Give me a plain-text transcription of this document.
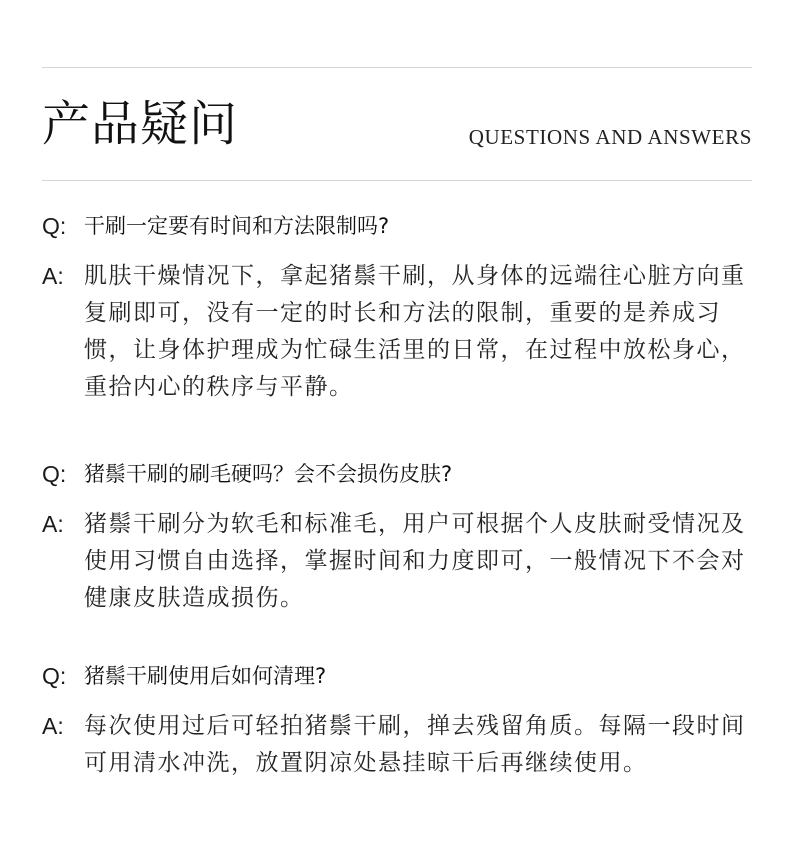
产品疑问	QUESTIONS AND ANSWERS
Q: 干刷一定要有时间和方法限制吗?
A: 肌肤干燥情况下，拿起猪鬃干刷，从身体的远端往心脏方向重复刷即可，没有一定的时长和方法的限制，重要的是养成习惯，让身体护理成为忙碌生活里的日常，在过程中放松身心，重拾内心的秩序与平静。
Q: 猪鬃干刷的刷毛硬吗？会不会损伤皮肤?
A: 猪鬃干刷分为软毛和标准毛，用户可根据个人皮肤耐受情况及使用习惯自由选择，掌握时间和力度即可，一般情况下不会对健康皮肤造成损伤。
Q: 猪鬃干刷使用后如何清理?
A: 每次使用过后可轻拍猪鬃干刷，掸去残留角质。每隔一段时间可用清水冲洗，放置阴凉处悬挂晾干后再继续使用。
